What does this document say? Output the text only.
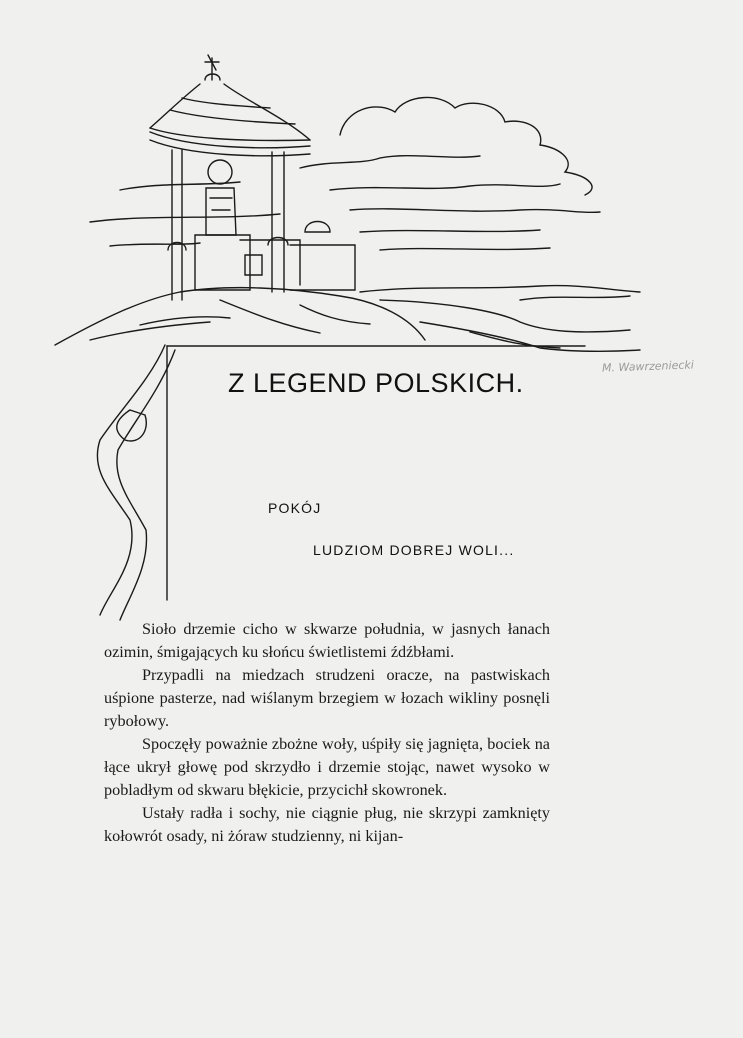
Z LEGEND POLSKICH.
POKÓJ
LUDZIOM DOBREJ WOLI...
M. Wawrzeniecki

Sioło drzemie cicho w skwarze południa, w jasnych łanach ozimin, śmigających ku słońcu świetlistemi źdźbłami.

Przypadli na miedzach strudzeni oracze, na pastwiskach uśpione pasterze, nad wiślanym brzegiem w łozach wikliny posnęli rybołowy.

Spoczęły poważnie zbożne woły, uśpiły się jagnięta, bociek na łące ukrył głowę pod skrzydło i drzemie stojąc, nawet wysoko w pobladłym od skwaru błękicie, przycichł skowronek.

Ustały radła i sochy, nie ciągnie pług, nie skrzypi zamknięty kołowrót osady, ni żóraw studzienny, ni kijan-
